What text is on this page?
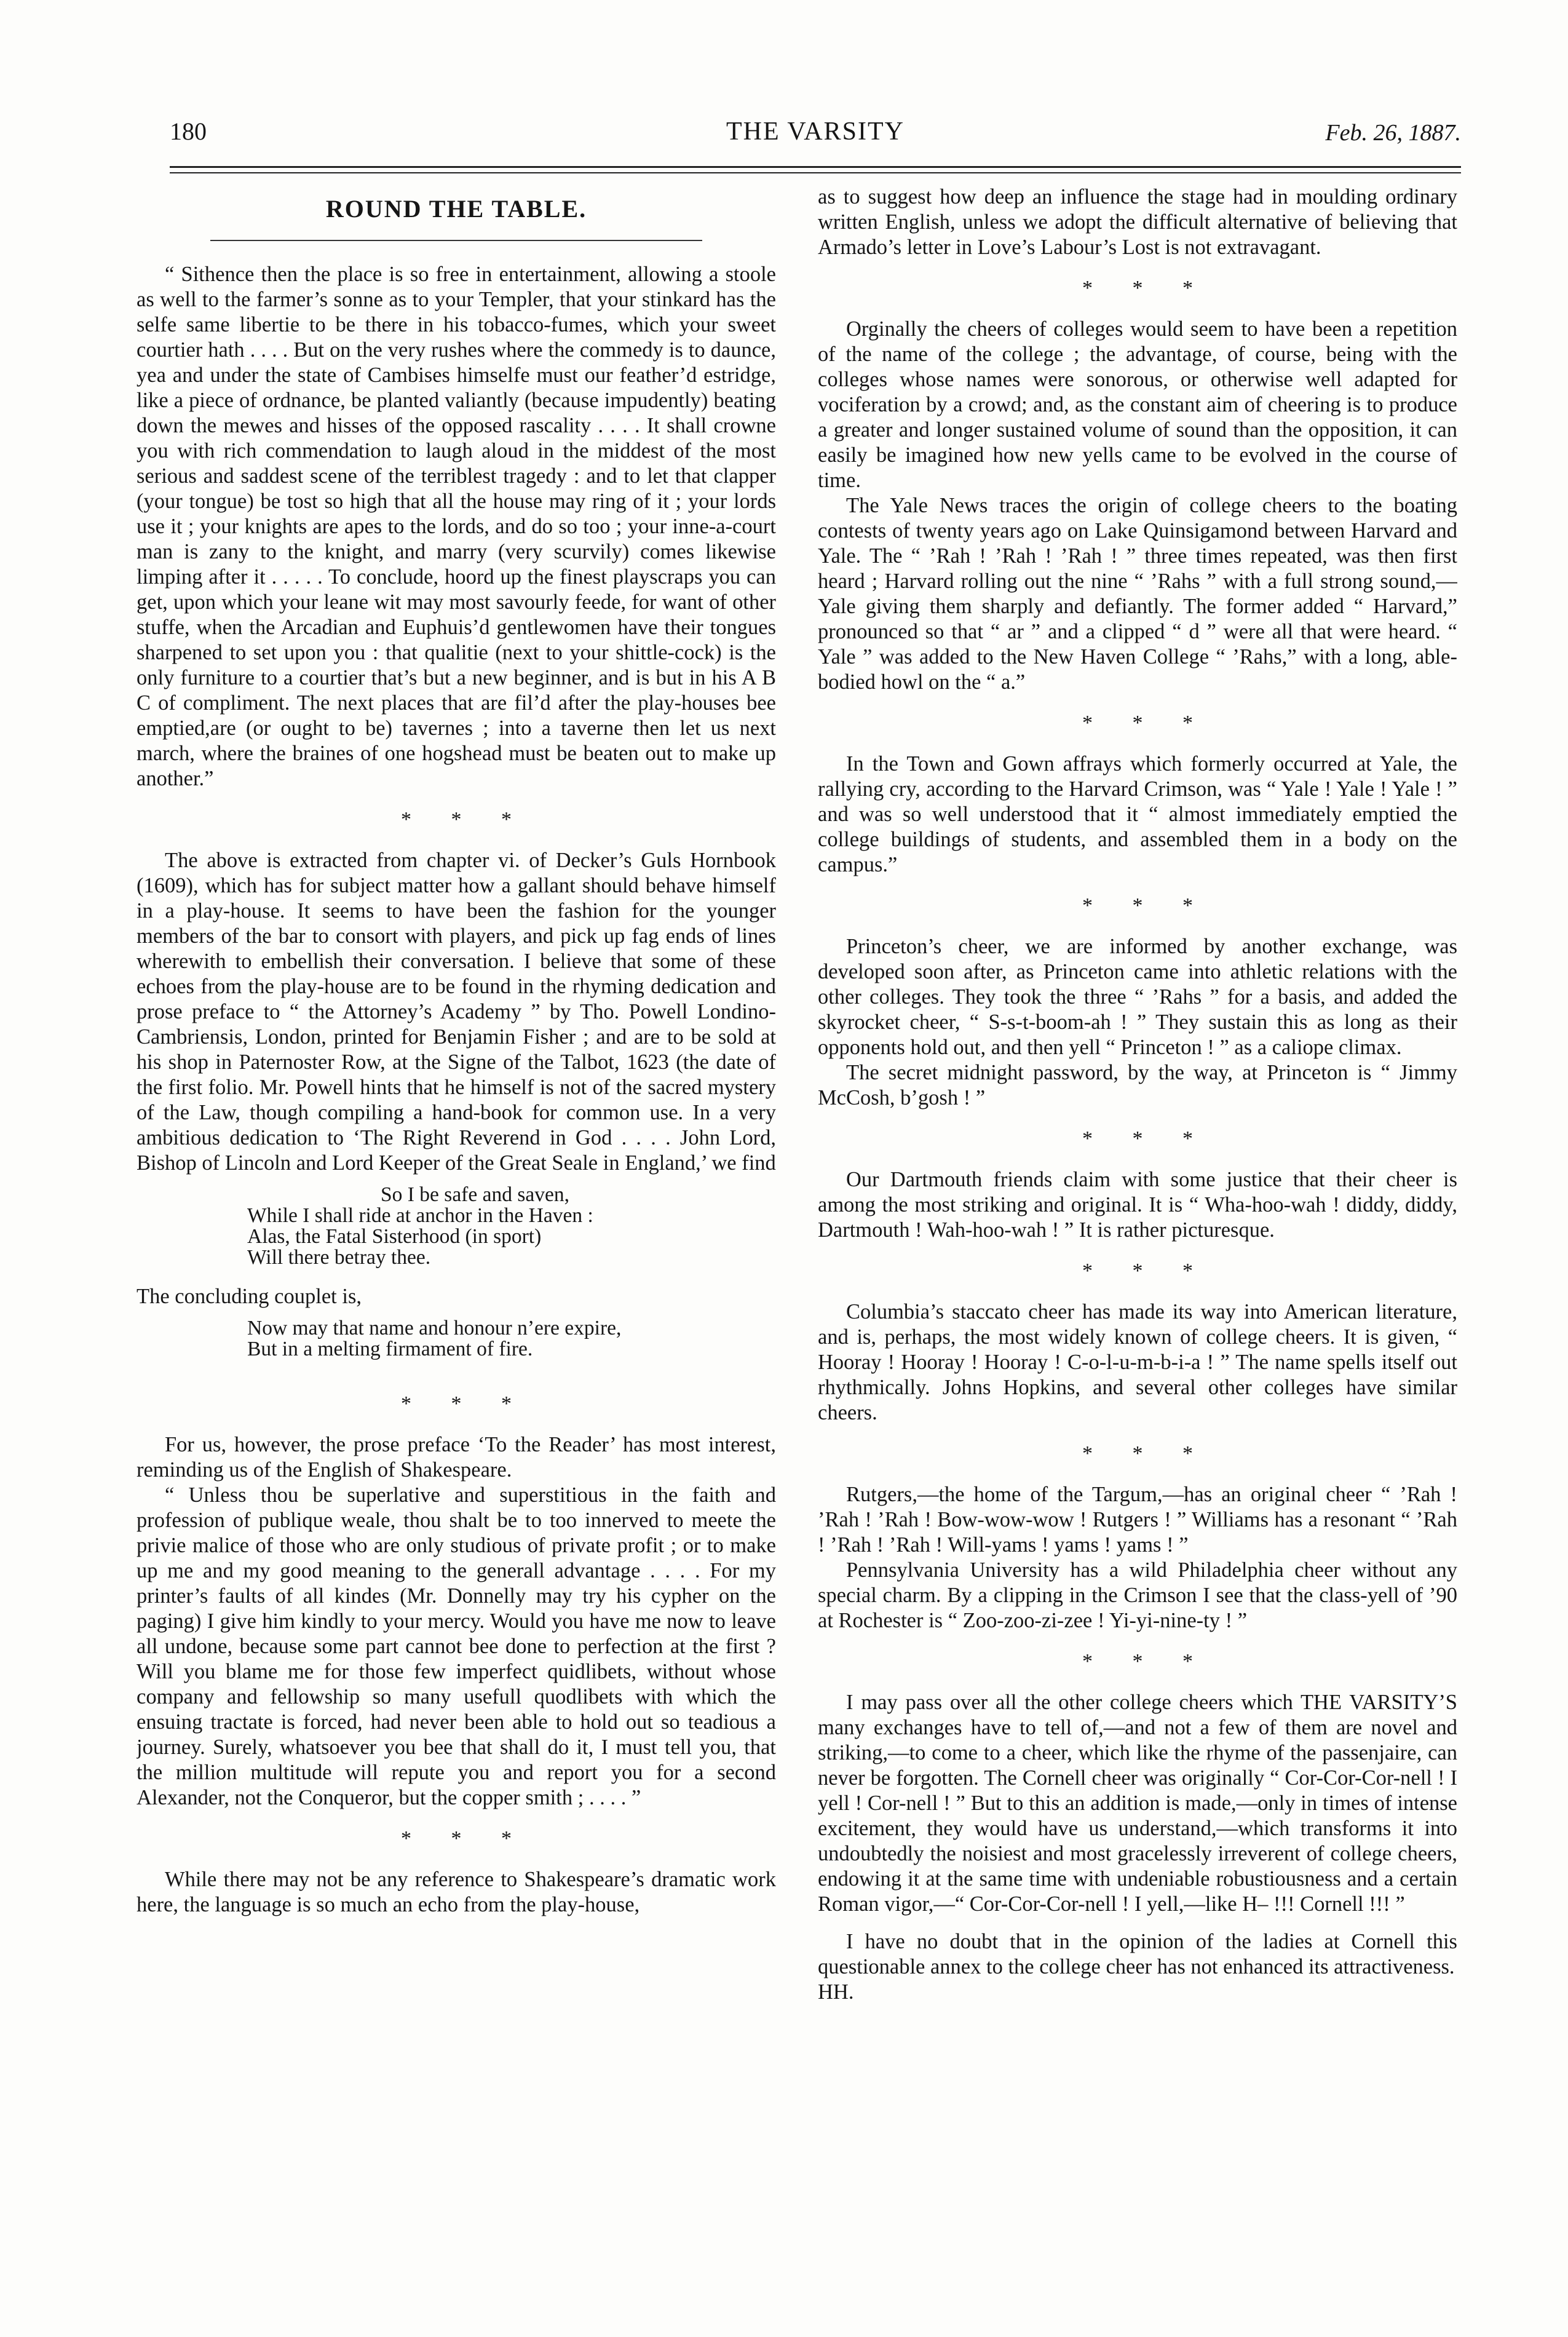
180	THE VARSITY	Feb. 26, 1887.
ROUND THE TABLE.

“ Sithence then the place is so free in entertainment, allowing a stoole as well to the farmer’s sonne as to your Templer, that your stinkard has the selfe same libertie to be there in his tobacco-fumes, which your sweet courtier hath . . . . But on the very rushes where the commedy is to daunce, yea and under the state of Cambises himselfe must our feather’d estridge, like a piece of ordnance, be planted valiantly (because impudently) beating down the mewes and hisses of the opposed rascality . . . . It shall crowne you with rich commendation to laugh aloud in the middest of the most serious and saddest scene of the terriblest tragedy : and to let that clapper (your tongue) be tost so high that all the house may ring of it ; your lords use it ; your knights are apes to the lords, and do so too ; your inne-a-court man is zany to the knight, and marry (very scurvily) comes likewise limping after it . . . . . To conclude, hoord up the finest playscraps you can get, upon which your leane wit may most savourly feede, for want of other stuffe, when the Arcadian and Euphuis’d gentlewomen have their tongues sharpened to set upon you : that qualitie (next to your shittle-cock) is the only furniture to a courtier that’s but a new beginner, and is but in his A B C of compliment. The next places that are fil’d after the play-houses bee emptied,are (or ought to be) tavernes ; into a taverne then let us next march, where the braines of one hogshead must be beaten out to make up another.”

* * *

The above is extracted from chapter vi. of Decker’s Guls Hornbook (1609), which has for subject matter how a gallant should behave himself in a play-house. It seems to have been the fashion for the younger members of the bar to consort with players, and pick up fag ends of lines wherewith to embellish their conversation. I believe that some of these echoes from the play-house are to be found in the rhyming dedication and prose preface to “ the Attorney’s Academy ” by Tho. Powell Londino-Cambriensis, London, printed for Benjamin Fisher ; and are to be sold at his shop in Paternoster Row, at the Signe of the Talbot, 1623 (the date of the first folio. Mr. Powell hints that he himself is not of the sacred mystery of the Law, though compiling a hand-book for common use. In a very ambitious dedication to ‘The Right Reverend in God . . . . John Lord, Bishop of Lincoln and Lord Keeper of the Great Seale in England,’ we find

So I be safe and saven,
While I shall ride at anchor in the Haven :
Alas, the Fatal Sisterhood (in sport)
Will there betray thee.

The concluding couplet is,

Now may that name and honour n’ere expire,
But in a melting firmament of fire.
* * *

For us, however, the prose preface ‘To the Reader’ has most interest, reminding us of the English of Shakespeare.

“ Unless thou be superlative and superstitious in the faith and profession of publique weale, thou shalt be to too innerved to meete the privie malice of those who are only studious of private profit ; or to make up me and my good meaning to the generall advantage . . . . For my printer’s faults of all kindes (Mr. Donnelly may try his cypher on the paging) I give him kindly to your mercy. Would you have me now to leave all undone, because some part cannot bee done to perfection at the first ? Will you blame me for those few imperfect quidlibets, without whose company and fellowship so many usefull quodlibets with which the ensuing tractate is forced, had never been able to hold out so teadious a journey. Surely, whatsoever you bee that shall do it, I must tell you, that the million multitude will repute you and report you for a second Alexander, not the Conqueror, but the copper smith ; . . . . ”

* * *

While there may not be any reference to Shakespeare’s dramatic work here, the language is so much an echo from the play-house,

as to suggest how deep an influence the stage had in moulding ordinary written English, unless we adopt the difficult alternative of believing that Armado’s letter in Love’s Labour’s Lost is not extravagant.

* * *

Orginally the cheers of colleges would seem to have been a repetition of the name of the college ; the advantage, of course, being with the colleges whose names were sonorous, or otherwise well adapted for vociferation by a crowd; and, as the constant aim of cheering is to produce a greater and longer sustained volume of sound than the opposition, it can easily be imagined how new yells came to be evolved in the course of time.

The Yale News traces the origin of college cheers to the boating contests of twenty years ago on Lake Quinsigamond between Harvard and Yale. The “ ’Rah ! ’Rah ! ’Rah ! ” three times repeated, was then first heard ; Harvard rolling out the nine “ ’Rahs ” with a full strong sound,—Yale giving them sharply and defiantly. The former added “ Harvard,” pronounced so that “ ar ” and a clipped “ d ” were all that were heard. “ Yale ” was added to the New Haven College “ ’Rahs,” with a long, able-bodied howl on the “ a.”

* * *

In the Town and Gown affrays which formerly occurred at Yale, the rallying cry, according to the Harvard Crimson, was “ Yale ! Yale ! Yale ! ” and was so well understood that it “ almost immediately emptied the college buildings of students, and assembled them in a body on the campus.”

* * *

Princeton’s cheer, we are informed by another exchange, was developed soon after, as Princeton came into athletic relations with the other colleges. They took the three “ ’Rahs ” for a basis, and added the skyrocket cheer, “ S-s-t-boom-ah ! ” They sustain this as long as their opponents hold out, and then yell “ Princeton ! ” as a caliope climax.

The secret midnight password, by the way, at Princeton is “ Jimmy McCosh, b’gosh ! ”

* * *

Our Dartmouth friends claim with some justice that their cheer is among the most striking and original. It is “ Wha-hoo-wah ! diddy, diddy, Dartmouth ! Wah-hoo-wah ! ” It is rather picturesque.

* * *

Columbia’s staccato cheer has made its way into American literature, and is, perhaps, the most widely known of college cheers. It is given, “ Hooray ! Hooray ! Hooray ! C-o-l-u-m-b-i-a ! ” The name spells itself out rhythmically. Johns Hopkins, and several other colleges have similar cheers.

* * *

Rutgers,—the home of the Targum,—has an original cheer “ ’Rah ! ’Rah ! ’Rah ! Bow-wow-wow ! Rutgers ! ” Williams has a resonant “ ’Rah ! ’Rah ! ’Rah ! Will-yams ! yams ! yams ! ”

Pennsylvania University has a wild Philadelphia cheer without any special charm. By a clipping in the Crimson I see that the class-yell of ’90 at Rochester is “ Zoo-zoo-zi-zee ! Yi-yi-nine-ty ! ”

* * *

I may pass over all the other college cheers which THE VARSITY’S many exchanges have to tell of,—and not a few of them are novel and striking,—to come to a cheer, which like the rhyme of the passenjaire, can never be forgotten. The Cornell cheer was originally “ Cor-Cor-Cor-nell ! I yell ! Cor-nell ! ” But to this an addition is made,—only in times of intense excitement, they would have us understand,—which transforms it into undoubtedly the noisiest and most gracelessly irreverent of college cheers, endowing it at the same time with undeniable robustiousness and a certain Roman vigor,—“ Cor-Cor-Cor-nell ! I yell,—like H– !!! Cornell !!! ”

I have no doubt that in the opinion of the ladies at Cornell this questionable annex to the college cheer has not enhanced its attractiveness.

HH.
